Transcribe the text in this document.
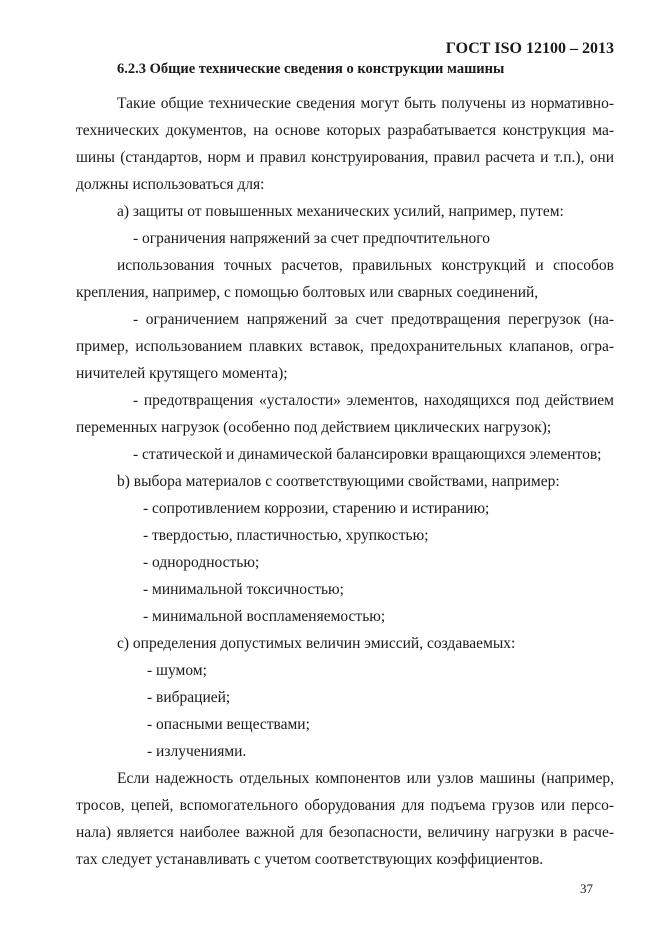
ГОСТ ISO 12100 – 2013
6.2.3 Общие технические сведения о конструкции машины
Такие общие технические сведения могут быть получены из нормативно-
технических документов, на основе которых разрабатывается конструкция ма-
шины (стандартов, норм и правил конструирования, правил расчета и т.п.), они
должны использоваться для:
а) защиты от повышенных механических усилий, например, путем:
- ограничения напряжений за счет предпочтительного
использования точных расчетов, правильных конструкций и способов
крепления, например, с помощью болтовых или сварных соединений,
- ограничением напряжений за счет предотвращения перегрузок (на-
пример, использованием плавких вставок, предохранительных клапанов, огра-
ничителей крутящего момента);
- предотвращения «усталости» элементов, находящихся под действием
переменных нагрузок (особенно под действием циклических нагрузок);
- статической и динамической балансировки вращающихся элементов;
b) выбора материалов с соответствующими свойствами, например:
- сопротивлением коррозии, старению и истиранию;
- твердостью, пластичностью, хрупкостью;
- однородностью;
- минимальной токсичностью;
- минимальной воспламеняемостью;
c) определения допустимых величин эмиссий, создаваемых:
- шумом;
- вибрацией;
- опасными веществами;
- излучениями.
Если надежность отдельных компонентов или узлов машины (например,
тросов, цепей, вспомогательного оборудования для подъема грузов или персо-
нала) является наиболее важной для безопасности, величину нагрузки в расче-
тах следует устанавливать с учетом соответствующих коэффициентов.
37
